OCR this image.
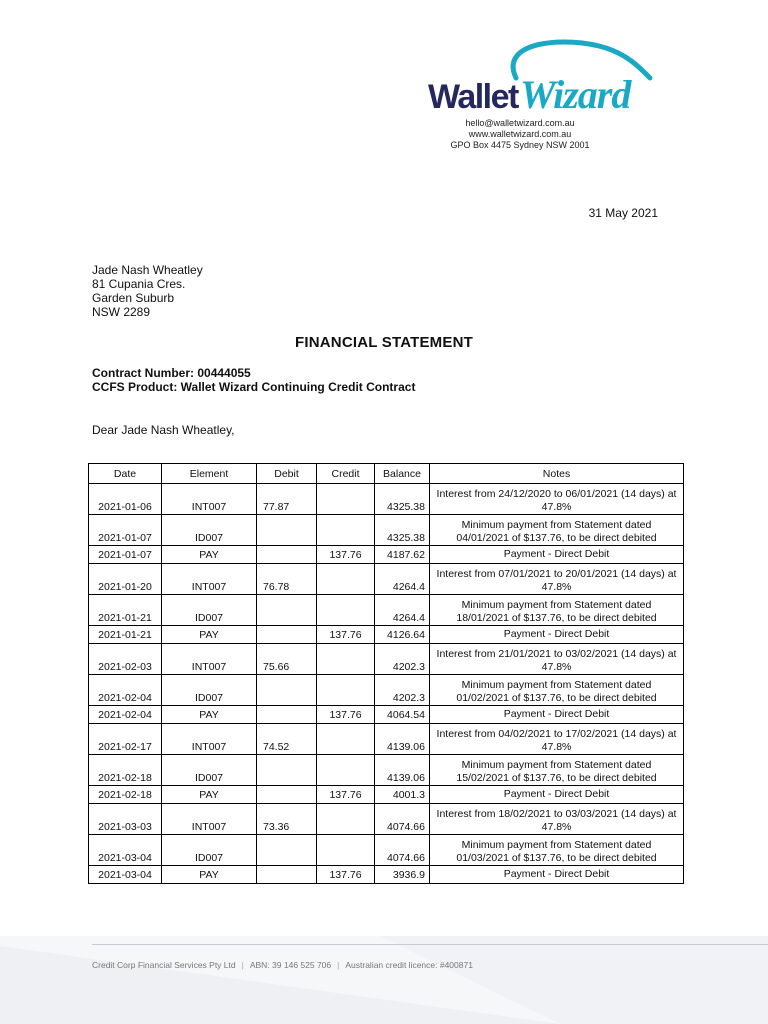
Wallet Wizard
hello@walletwizard.com.au
www.walletwizard.com.au
GPO Box 4475 Sydney NSW 2001
31 May 2021
Jade Nash Wheatley
81 Cupania Cres.
Garden Suburb
NSW 2289
FINANCIAL STATEMENT
Contract Number: 00444055
CCFS Product: Wallet Wizard Continuing Credit Contract
Dear Jade Nash Wheatley,
Date	Element	Debit	Credit	Balance	Notes
2021-01-06	INT007	77.87		4325.38	Interest from 24/12/2020 to 06/01/2021 (14 days) at 47.8%
2021-01-07	ID007			4325.38	Minimum payment from Statement dated 04/01/2021 of $137.76, to be direct debited
2021-01-07	PAY		137.76	4187.62	Payment - Direct Debit
2021-01-20	INT007	76.78		4264.4	Interest from 07/01/2021 to 20/01/2021 (14 days) at 47.8%
2021-01-21	ID007			4264.4	Minimum payment from Statement dated 18/01/2021 of $137.76, to be direct debited
2021-01-21	PAY		137.76	4126.64	Payment - Direct Debit
2021-02-03	INT007	75.66		4202.3	Interest from 21/01/2021 to 03/02/2021 (14 days) at 47.8%
2021-02-04	ID007			4202.3	Minimum payment from Statement dated 01/02/2021 of $137.76, to be direct debited
2021-02-04	PAY		137.76	4064.54	Payment - Direct Debit
2021-02-17	INT007	74.52		4139.06	Interest from 04/02/2021 to 17/02/2021 (14 days) at 47.8%
2021-02-18	ID007			4139.06	Minimum payment from Statement dated 15/02/2021 of $137.76, to be direct debited
2021-02-18	PAY		137.76	4001.3	Payment - Direct Debit
2021-03-03	INT007	73.36		4074.66	Interest from 18/02/2021 to 03/03/2021 (14 days) at 47.8%
2021-03-04	ID007			4074.66	Minimum payment from Statement dated 01/03/2021 of $137.76, to be direct debited
2021-03-04	PAY		137.76	3936.9	Payment - Direct Debit
Credit Corp Financial Services Pty Ltd | ABN: 39 146 525 706 | Australian credit licence: #400871
